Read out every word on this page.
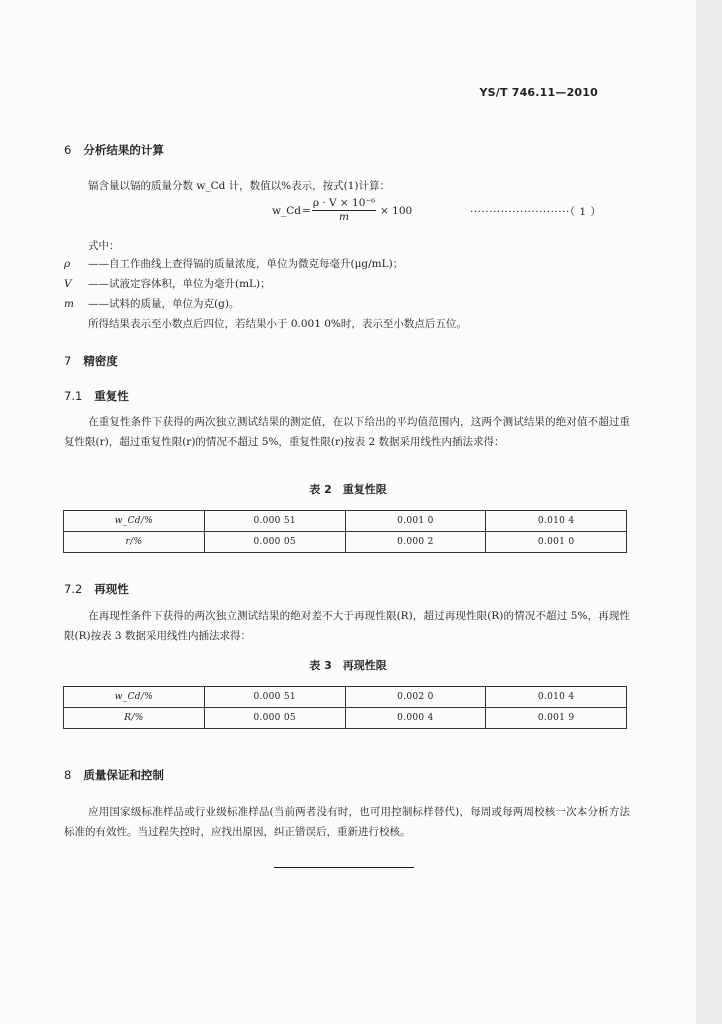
YS/T 746.11—2010
6 分析结果的计算
镉含量以镉的质量分数 w_Cd 计，数值以%表示，按式(1)计算：
w_Cd = $\frac{\text{ρ · V × 10⁻⁶}}{m} \times 100$	··························（ 1 ）
式中：
ρ ——自工作曲线上查得镉的质量浓度，单位为微克每毫升(μg/mL)；
V ——试液定容体积，单位为毫升(mL)；
m ——试料的质量，单位为克(g)。
所得结果表示至小数点后四位，若结果小于 0.001 0%时，表示至小数点后五位。
7 精密度
7.1 重复性
在重复性条件下获得的两次独立测试结果的测定值，在以下给出的平均值范围内，这两个测试结果的绝对值不超过重复性限(r)，超过重复性限(r)的情况不超过 5%，重复性限(r)按表 2 数据采用线性内插法求得：
表 2　重复性限
w_Cd/%	0.000 51	0.001 0	0.010 4
r/%	0.000 05	0.000 2	0.001 0
7.2 再现性
在再现性条件下获得的两次独立测试结果的绝对差不大于再现性限(R)，超过再现性限(R)的情况不超过 5%，再现性限(R)按表 3 数据采用线性内插法求得：
表 3　再现性限
w_Cd/%	0.000 51	0.002 0	0.010 4
R/%	0.000 05	0.000 4	0.001 9
8 质量保证和控制
应用国家级标准样品或行业级标准样品(当前两者没有时，也可用控制标样替代)，每周或每两周校核一次本分析方法标准的有效性。当过程失控时，应找出原因，纠正错误后，重新进行校核。
